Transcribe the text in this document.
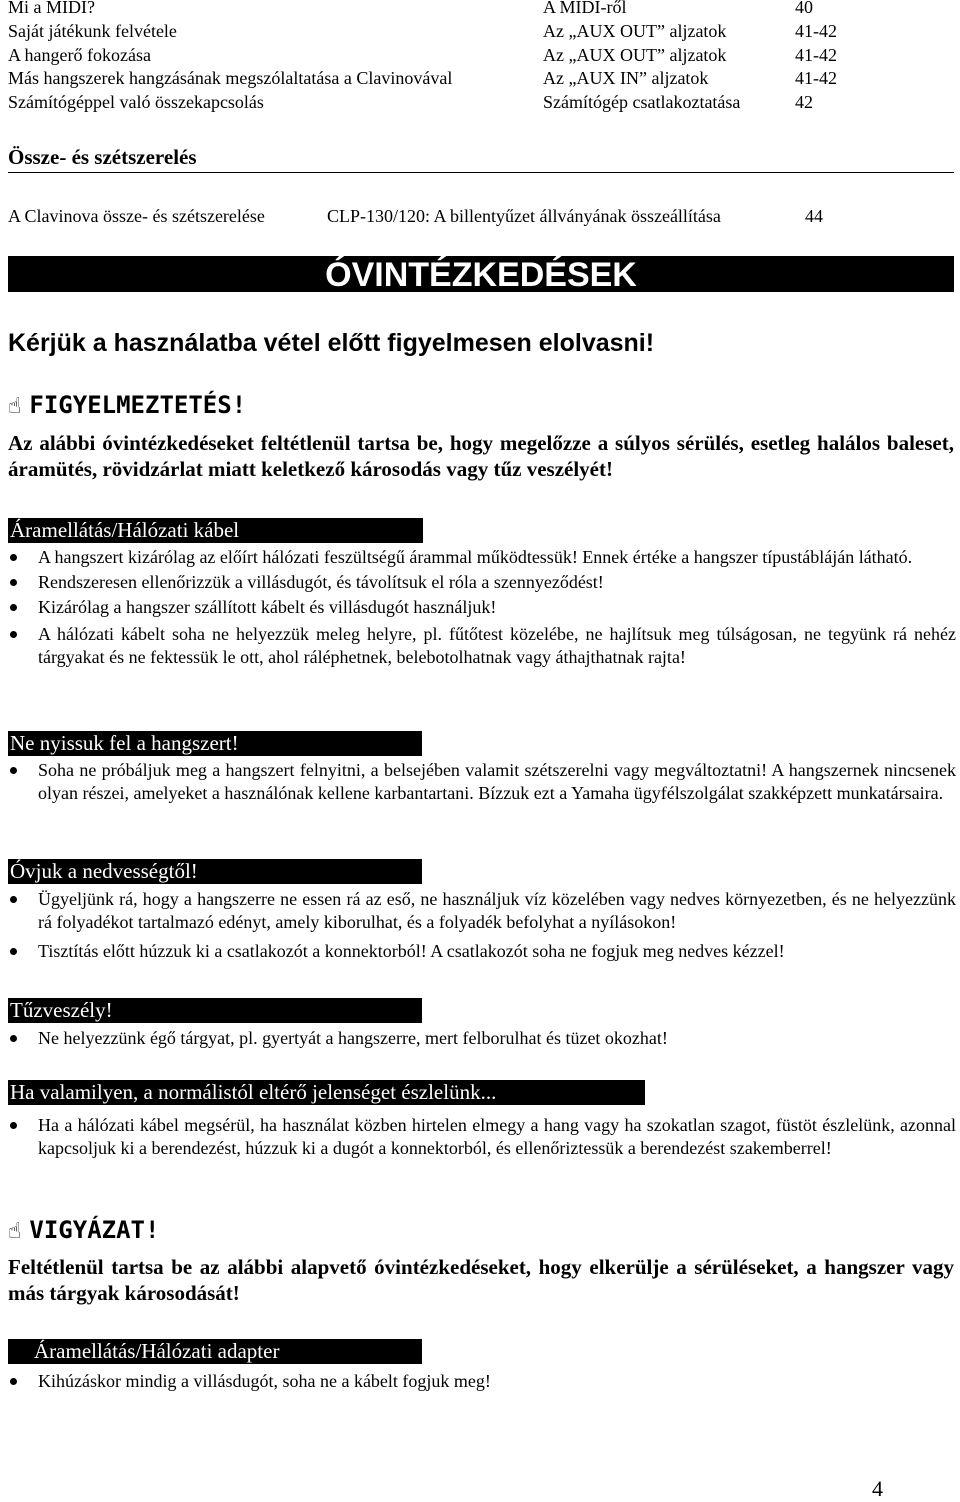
Mi a MIDI?	A MIDI-ről	40
Saját játékunk felvétele	Az „AUX OUT” aljzatok	41-42
A hangerő fokozása	Az „AUX OUT” aljzatok	41-42
Más hangszerek hangzásának megszólaltatása a Clavinovával	Az „AUX IN” aljzatok	41-42
Számítógéppel való összekapcsolás	Számítógép csatlakoztatása	42
Össze- és szétszerelés
A Clavinova össze- és szétszerelése	CLP-130/120: A billentyűzet állványának összeállítása	44
ÓVINTÉZKEDÉSEK
Kérjük a használatba vétel előtt figyelmesen elolvasni!
☝ FIGYELMEZTETÉS!
Az alábbi óvintézkedéseket feltétlenül tartsa be, hogy megelőzze a súlyos sérülés, esetleg halálos baleset, áramütés, rövidzárlat miatt keletkező károsodás vagy tűz veszélyét!
Áramellátás/Hálózati kábel
A hangszert kizárólag az előírt hálózati feszültségű árammal működtessük! Ennek értéke a hangszer típustábláján látható.
Rendszeresen ellenőrizzük a villásdugót, és távolítsuk el róla a szennyeződést!
Kizárólag a hangszer szállított kábelt és villásdugót használjuk!
A hálózati kábelt soha ne helyezzük meleg helyre, pl. fűtőtest közelébe, ne hajlítsuk meg túlságosan, ne tegyünk rá nehéz tárgyakat és ne fektessük le ott, ahol ráléphetnek, belebotolhatnak vagy áthajthatnak rajta!
Ne nyissuk fel a hangszert!
Soha ne próbáljuk meg a hangszert felnyitni, a belsejében valamit szétszerelni vagy megváltoztatni! A hangszernek nincsenek olyan részei, amelyeket a használónak kellene karbantartani. Bízzuk ezt a Yamaha ügyfélszolgálat szakképzett munkatársaira.
Óvjuk a nedvességtől!
Ügyeljünk rá, hogy a hangszerre ne essen rá az eső, ne használjuk víz közelében vagy nedves környezetben, és ne helyezzünk rá folyadékot tartalmazó edényt, amely kiborulhat, és a folyadék befolyhat a nyílásokon!
Tisztítás előtt húzzuk ki a csatlakozót a konnektorból! A csatlakozót soha ne fogjuk meg nedves kézzel!
Tűzveszély!
Ne helyezzünk égő tárgyat, pl. gyertyát a hangszerre, mert felborulhat és tüzet okozhat!
Ha valamilyen, a normálistól eltérő jelenséget észlelünk...
Ha a hálózati kábel megsérül, ha használat közben hirtelen elmegy a hang vagy ha szokatlan szagot, füstöt észlelünk, azonnal kapcsoljuk ki a berendezést, húzzuk ki a dugót a konnektorból, és ellenőriztessük a berendezést szakemberrel!
☝ VIGYÁZAT!
Feltétlenül tartsa be az alábbi alapvető óvintézkedéseket, hogy elkerülje a sérüléseket, a hangszer vagy más tárgyak károsodását!
Áramellátás/Hálózati adapter
Kihúzáskor mindig a villásdugót, soha ne a kábelt fogjuk meg!
4
